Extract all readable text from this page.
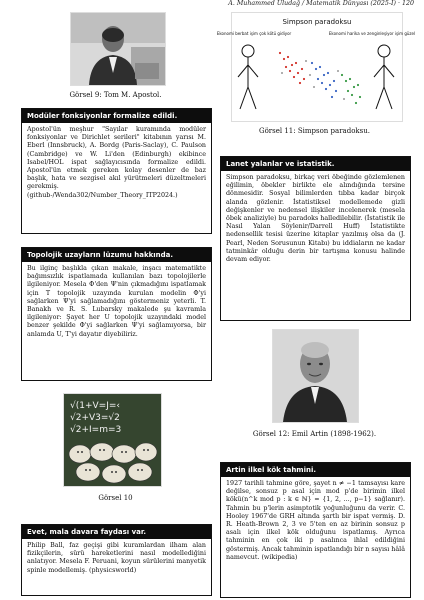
A. Muhammed Uludağ / Matematik Dünyası (2025-I) · 120
Görsel 9: Tom M. Apostol.
Modüler fonksiyonlar formalize edildi.

Apostol'ün meşhur "Sayılar kuramında modüler fonksiyonlar ve Dirichlet serileri" kitabının yarısı M. Eberl (Innsbruck), A. Bordg (Paris-Saclay), C. Paulson (Cambridge) ve W. Li'den (Edinburgh) ekibince Isabel/HOL ispat sağlayıcısında formalize edildi. Apostol'ün etmek gereken kolay desenler de baz başlık, hata ve sezgisel akıl yürütmeleri düzeltmeleri gerekmiş. (github-/Wenda302/Number_Theory_ITP2024.)

Topolojik uzayların lüzumu hakkında.

Bu ilginç başlıkla çıkan makale, inşacı matematikte bağımsızlık ispatlamada kullanılan bazı topolojilerle ilgileniyor. Mesela Φ'den Ψ'nin çıkmadığını ispatlamak için T topolojik uzayında kurulan modelin Φ'yi sağlarken Ψ'yi sağlamadığını göstermeniz yeterli. T. Banakh ve R. S. Lubarsky makalede şu kavramla ilgileniyor: Şayet her U topolojik uzayındaki model benzer şekilde Φ'yi sağlarken Ψ'yi sağlamıyorsa, bir anlamda U, T'yi dayatır diyebiliriz.

√(1+V=J=‹
√2+V3=√2
√2+I=m=3
Görsel 10
Evet, mala davara faydası var.

Philip Ball, faz geçişi gibi kuramlardan ilham alan fizikçilerin, sürü hareketlerini nasıl modellediğini anlatıyor. Mesela F. Peruani, koyun sürülerini manyetik spinle modellemiş. (physicsworld)

Simpson paradoksu
Ekonomi berbat işim çok kötü gidiyor	Ekonomi harika ve zenginleşiyor işim güzel
Görsel 11: Simpson paradoksu.
Lanet yalanlar ve istatistik.

Simpson paradoksu, birkaç veri öbeğinde gözlemlenen eğilimin, öbekler birlikte ele alındığında tersine dönmesidir. Sosyal bilimlerden tıbba kadar birçok alanda gözlenir. İstatistiksel modellemede gizli değişkenler ve nedensel ilişkiler incelenerek (mesela öbek analiziyle) bu paradoks halledilebilir. (İstatistik ile Nasıl Yalan Söylenir/Darrell Huff) İstatistikte nedensellik tesisi üzerine kitaplar yazılmış olsa da (J. Pearl, Neden Sorusunun Kitabı) bu iddiaların ne kadar tatminkâr olduğu derin bir tartışma konusu halinde devam ediyor.

Görsel 12: Emil Artin (1898-1962).
Artin ilkel kök tahmini.

1927 tarihli tahmine göre, şayet n ≠ −1 tamsayısı kare değilse, sonsuz p asal için mod p'de birimin ilkel kökü(n^k mod p : k ∈ ℕ} = {1, 2, ..., p−1} sağlanır). Tahmin bu p'lerin asimptotik yoğunluğunu da verir. C. Hooley 1967'de GRH altında şartlı bir ispat vermiş. D. R. Heath-Brown 2, 3 ve 5'ten en az birinin sonsuz p asalı için ilkel kök olduğunu ispatlamış. Ayrıca tahminin en çok iki p asalınca ihlal edildiğini göstermiş. Ancak tahminin ispatlandığı bir n sayısı hâlâ namevcut. (wikipedia)
